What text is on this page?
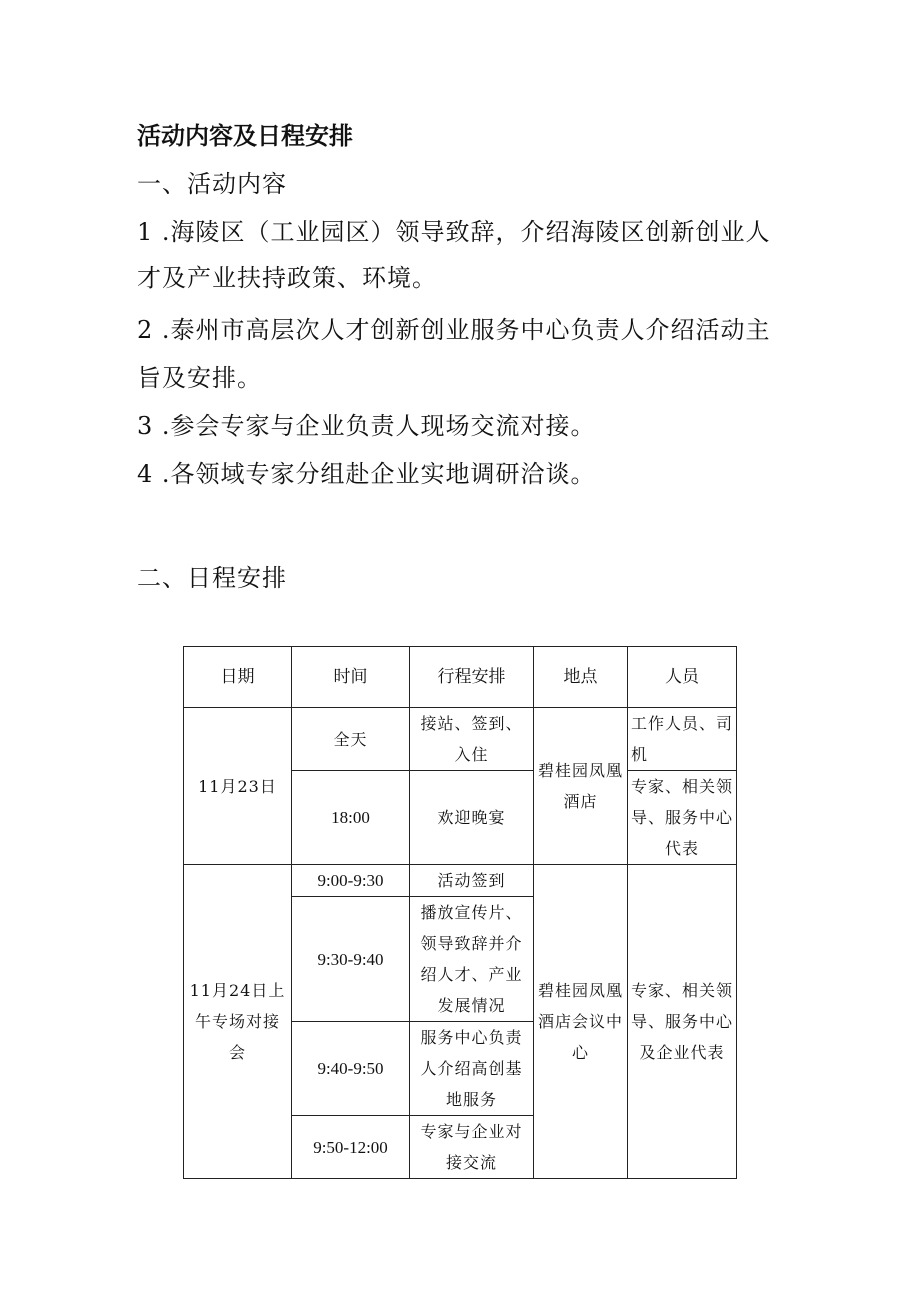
活动内容及日程安排
一、活动内容
1 .海陵区（工业园区）领导致辞，介绍海陵区创新创业人
才及产业扶持政策、环境。
2 .泰州市高层次人才创新创业服务中心负责人介绍活动主
旨及安排。
3 .参会专家与企业负责人现场交流对接。
4 .各领域专家分组赴企业实地调研洽谈。
二、日程安排
日期	时间	行程安排	地点	人员
11月23日	全天	接站、签到、入住	碧桂园凤凰酒店	工作人员、司机
	18:00	欢迎晚宴		专家、相关领导、服务中心代表
11月24日上午专场对接会	9:00-9:30	活动签到	碧桂园凤凰酒店会议中心	专家、相关领导、服务中心及企业代表
	9:30-9:40	播放宣传片、领导致辞并介绍人才、产业发展情况		
	9:40-9:50	服务中心负责人介绍高创基地服务		
	9:50-12:00	专家与企业对接交流		
